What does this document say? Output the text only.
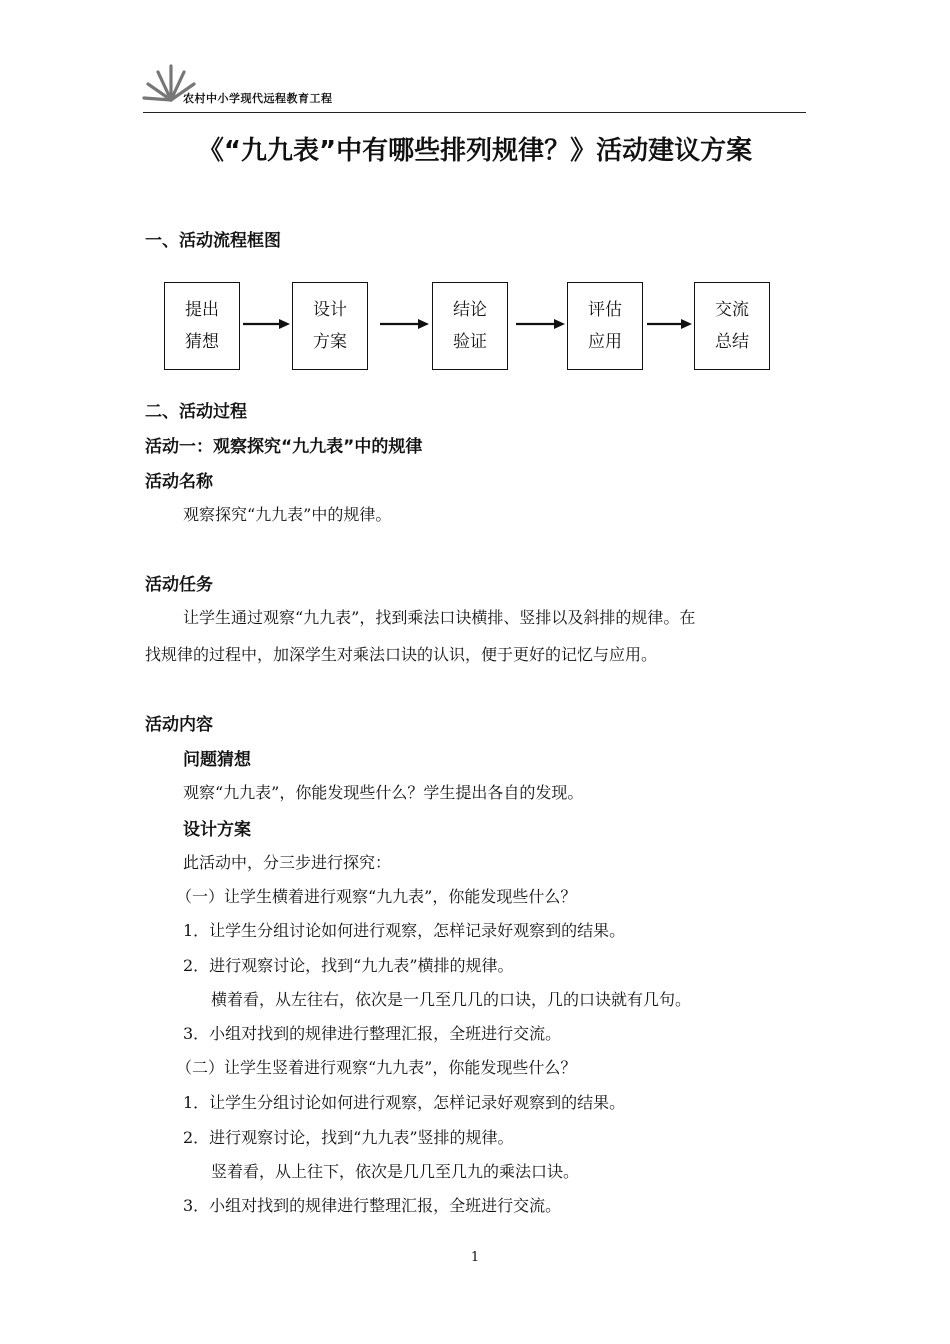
农村中小学现代远程教育工程
《“九九表”中有哪些排列规律？》活动建议方案
一、活动流程框图
提出
猜想
设计
方案
结论
验证
评估
应用
交流
总结
二、活动过程
活动一：观察探究“九九表”中的规律
活动名称
观察探究“九九表”中的规律。
活动任务
让学生通过观察“九九表”，找到乘法口诀横排、竖排以及斜排的规律。在
找规律的过程中，加深学生对乘法口诀的认识，便于更好的记忆与应用。
活动内容
问题猜想
观察“九九表”，你能发现些什么？学生提出各自的发现。
设计方案
此活动中，分三步进行探究：
（一）让学生横着进行观察“九九表”，你能发现些什么？
1．让学生分组讨论如何进行观察，怎样记录好观察到的结果。
2．进行观察讨论，找到“九九表”横排的规律。
横着看，从左往右，依次是一几至几几的口诀，几的口诀就有几句。
3．小组对找到的规律进行整理汇报，全班进行交流。
（二）让学生竖着进行观察“九九表”，你能发现些什么？
1．让学生分组讨论如何进行观察，怎样记录好观察到的结果。
2．进行观察讨论，找到“九九表”竖排的规律。
竖着看，从上往下，依次是几几至几九的乘法口诀。
3．小组对找到的规律进行整理汇报，全班进行交流。
1
